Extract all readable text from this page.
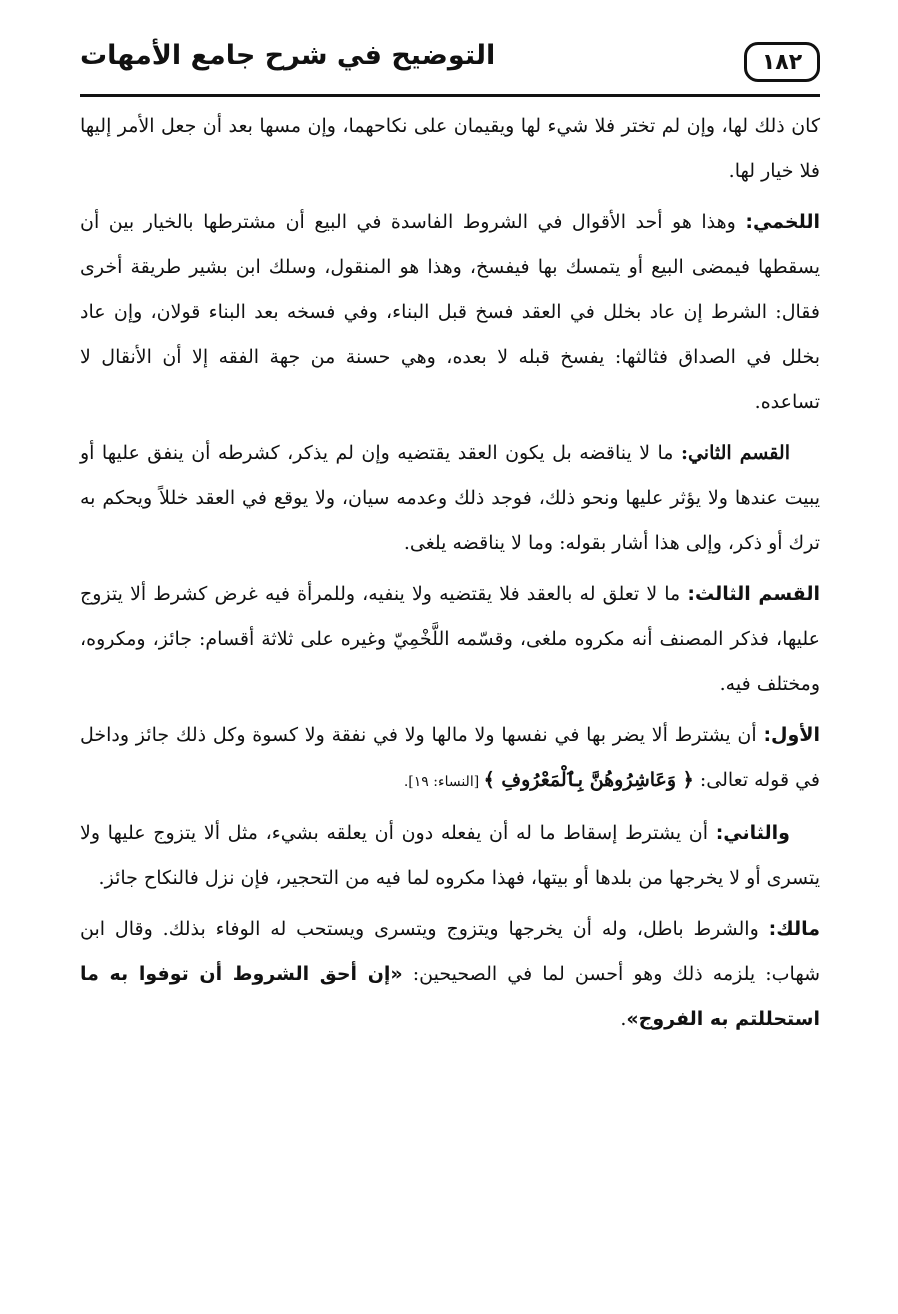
١٨٢
التوضيح في شرح جامع الأمهات

كان ذلك لها، وإن لم تختر فلا شيء لها ويقيمان على نكاحهما، وإن مسها بعد أن جعل الأمر إليها فلا خيار لها.

اللخمي: وهذا هو أحد الأقوال في الشروط الفاسدة في البيع أن مشترطها بالخيار بين أن يسقطها فيمضى البيع أو يتمسك بها فيفسخ، وهذا هو المنقول، وسلك ابن بشير طريقة أخرى فقال: الشرط إن عاد بخلل في العقد فسخ قبل البناء، وفي فسخه بعد البناء قولان، وإن عاد بخلل في الصداق فثالثها: يفسخ قبله لا بعده، وهي حسنة من جهة الفقه إلا أن الأنقال لا تساعده.

القسم الثاني: ما لا يناقضه بل يكون العقد يقتضيه وإن لم يذكر، كشرطه أن ينفق عليها أو يبيت عندها ولا يؤثر عليها ونحو ذلك، فوجد ذلك وعدمه سيان، ولا يوقع في العقد خللاً ويحكم به ترك أو ذكر، وإلى هذا أشار بقوله: وما لا يناقضه يلغى.

القسم الثالث: ما لا تعلق له بالعقد فلا يقتضيه ولا ينفيه، وللمرأة فيه غرض كشرط ألا يتزوج عليها، فذكر المصنف أنه مكروه ملغى، وقسّمه اللَّخْمِيّ وغيره على ثلاثة أقسام: جائز، ومكروه، ومختلف فيه.

الأول: أن يشترط ألا يضر بها في نفسها ولا مالها ولا في نفقة ولا كسوة وكل ذلك جائز وداخل في قوله تعالى: ﴿ وَعَاشِرُوهُنَّ بِٱلْمَعْرُوفِ ﴾ [النساء: ١٩].

والثاني: أن يشترط إسقاط ما له أن يفعله دون أن يعلقه بشيء، مثل ألا يتزوج عليها ولا يتسرى أو لا يخرجها من بلدها أو بيتها، فهذا مكروه لما فيه من التحجير، فإن نزل فالنكاح جائز.

مالك: والشرط باطل، وله أن يخرجها ويتزوج ويتسرى ويستحب له الوفاء بذلك. وقال ابن شهاب: يلزمه ذلك وهو أحسن لما في الصحيحين: «إن أحق الشروط أن توفوا به ما استحللتم به الفروج».
